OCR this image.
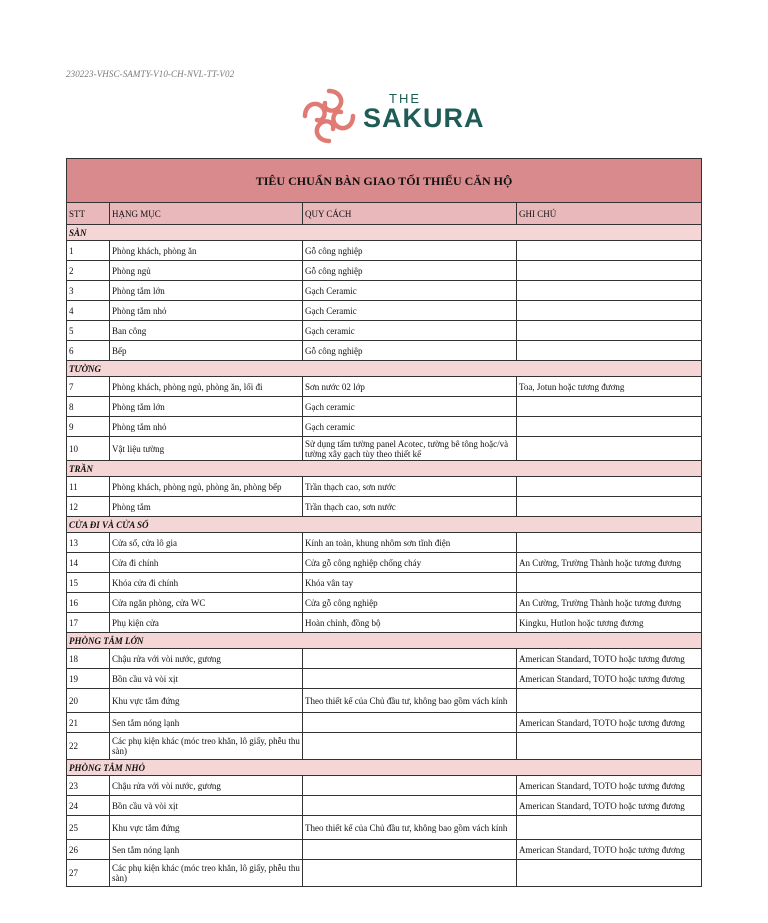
230223-VHSC-SAMTY-V10-CH-NVL-TT-V02
THE
SAKURA
TIÊU CHUẨN BÀN GIAO TỐI THIỂU CĂN HỘ			
STT	HẠNG MỤC	QUY CÁCH	GHI CHÚ
SÀN			
1	Phòng khách, phòng ăn	Gỗ công nghiệp	
2	Phòng ngủ	Gỗ công nghiệp	
3	Phòng tắm lớn	Gạch Ceramic	
4	Phòng tắm nhỏ	Gạch Ceramic	
5	Ban công	Gạch ceramic	
6	Bếp	Gỗ công nghiệp	
TƯỜNG			
7	Phòng khách, phòng ngủ, phòng ăn, lối đi	Sơn nước 02 lớp	Toa, Jotun hoặc tương đương
8	Phòng tắm lớn	Gạch ceramic	
9	Phòng tắm nhỏ	Gạch ceramic	
10	Vật liệu tường	Sử dụng tấm tường panel Acotec, tường bê tông hoặc/và tường xây gạch tùy theo thiết kế	
TRẦN			
11	Phòng khách, phòng ngủ, phòng ăn, phòng bếp	Trần thạch cao, sơn nước	
12	Phòng tắm	Trần thạch cao, sơn nước	
CỬA ĐI VÀ CỬA SỔ			
13	Cửa sổ, cửa lô gia	Kính an toàn, khung nhôm sơn tĩnh điện	
14	Cửa đi chính	Cửa gỗ công nghiệp chống cháy	An Cường, Trường Thành hoặc tương đương
15	Khóa cửa đi chính	Khóa vân tay	
16	Cửa ngăn phòng, cửa WC	Cửa gỗ công nghiệp	An Cường, Trường Thành hoặc tương đương
17	Phụ kiện cửa	Hoàn chỉnh, đồng bộ	Kingku, Hutlon hoặc tương đương
PHÒNG TẮM LỚN			
18	Chậu rửa với vòi nước, gương		American Standard, TOTO hoặc tương đương
19	Bồn cầu và vòi xịt		American Standard, TOTO hoặc tương đương
20	Khu vực tắm đứng	Theo thiết kế của Chủ đầu tư, không bao gồm vách kính	
21	Sen tắm nóng lạnh		American Standard, TOTO hoặc tương đương
22	Các phụ kiện khác (móc treo khăn, lô giấy, phễu thu sàn)		
PHÒNG TẮM NHỎ			
23	Chậu rửa với vòi nước, gương		American Standard, TOTO hoặc tương đương
24	Bồn cầu và vòi xịt		American Standard, TOTO hoặc tương đương
25	Khu vực tắm đứng	Theo thiết kế của Chủ đầu tư, không bao gồm vách kính	
26	Sen tắm nóng lạnh		American Standard, TOTO hoặc tương đương
27	Các phụ kiện khác (móc treo khăn, lô giấy, phễu thu sàn)		
